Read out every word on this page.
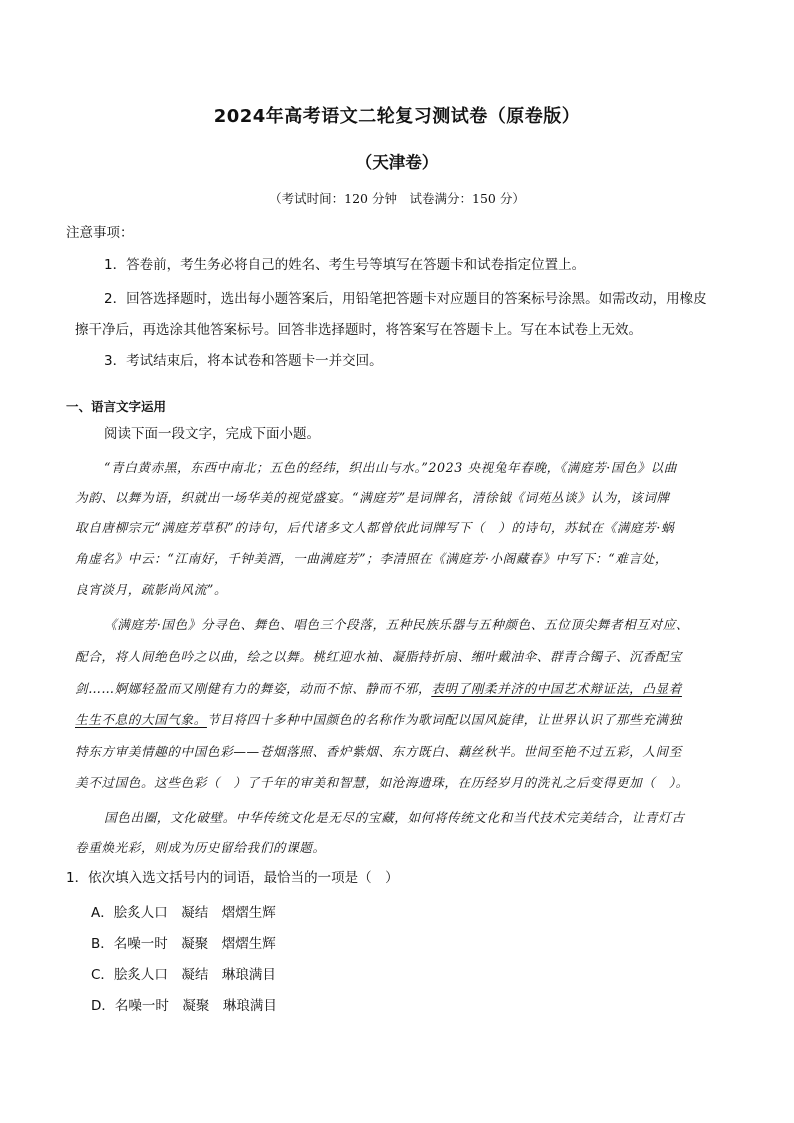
2024年高考语文二轮复习测试卷（原卷版）
（天津卷）
（考试时间：120 分钟　试卷满分：150 分）
注意事项：
1．答卷前，考生务必将自己的姓名、考生号等填写在答题卡和试卷指定位置上。
2．回答选择题时，选出每小题答案后，用铅笔把答题卡对应题目的答案标号涂黑。如需改动，用橡皮
擦干净后，再选涂其他答案标号。回答非选择题时，将答案写在答题卡上。写在本试卷上无效。
3．考试结束后，将本试卷和答题卡一并交回。
一、语言文字运用
阅读下面一段文字，完成下面小题。
“青白黄赤黑，东西中南北；五色的经纬，织出山与水。”2023 央视兔年春晚，《满庭芳·国色》以曲
为韵、以舞为语，织就出一场华美的视觉盛宴。“满庭芳”是词牌名，清徐钺《词苑丛谈》认为，该词牌
取自唐柳宗元“满庭芳草积”的诗句，后代诸多文人都曾依此词牌写下（　）的诗句，苏轼在《满庭芳·蜗
角虚名》中云：“江南好，千钟美酒，一曲满庭芳”；李清照在《满庭芳·小阁藏春》中写下：“难言处，
良宵淡月，疏影尚风流”。
《满庭芳·国色》分寻色、舞色、唱色三个段落，五种民族乐器与五种颜色、五位顶尖舞者相互对应、
配合，将人间绝色吟之以曲，绘之以舞。桃红迎水袖、凝脂持折扇、缃叶戴油伞、群青合镯子、沉香配宝
剑……婀娜轻盈而又刚健有力的舞姿，动而不惊、静而不邪，表明了刚柔并济的中国艺术辩证法，凸显着
生生不息的大国气象。节目将四十多种中国颜色的名称作为歌词配以国风旋律，让世界认识了那些充满独
特东方审美情趣的中国色彩——苍烟落照、香炉紫烟、东方既白、藕丝秋半。世间至艳不过五彩，人间至
美不过国色。这些色彩（　）了千年的审美和智慧，如沧海遗珠，在历经岁月的洗礼之后变得更加（　）。
国色出圈，文化破壁。中华传统文化是无尽的宝藏，如何将传统文化和当代技术完美结合，让青灯古
卷重焕光彩，则成为历史留给我们的课题。
1．依次填入选文括号内的词语，最恰当的一项是（　）
A．脍炙人口　凝结　熠熠生辉
B．名噪一时　凝聚　熠熠生辉
C．脍炙人口　凝结　琳琅满目
D．名噪一时　凝聚　琳琅满目
